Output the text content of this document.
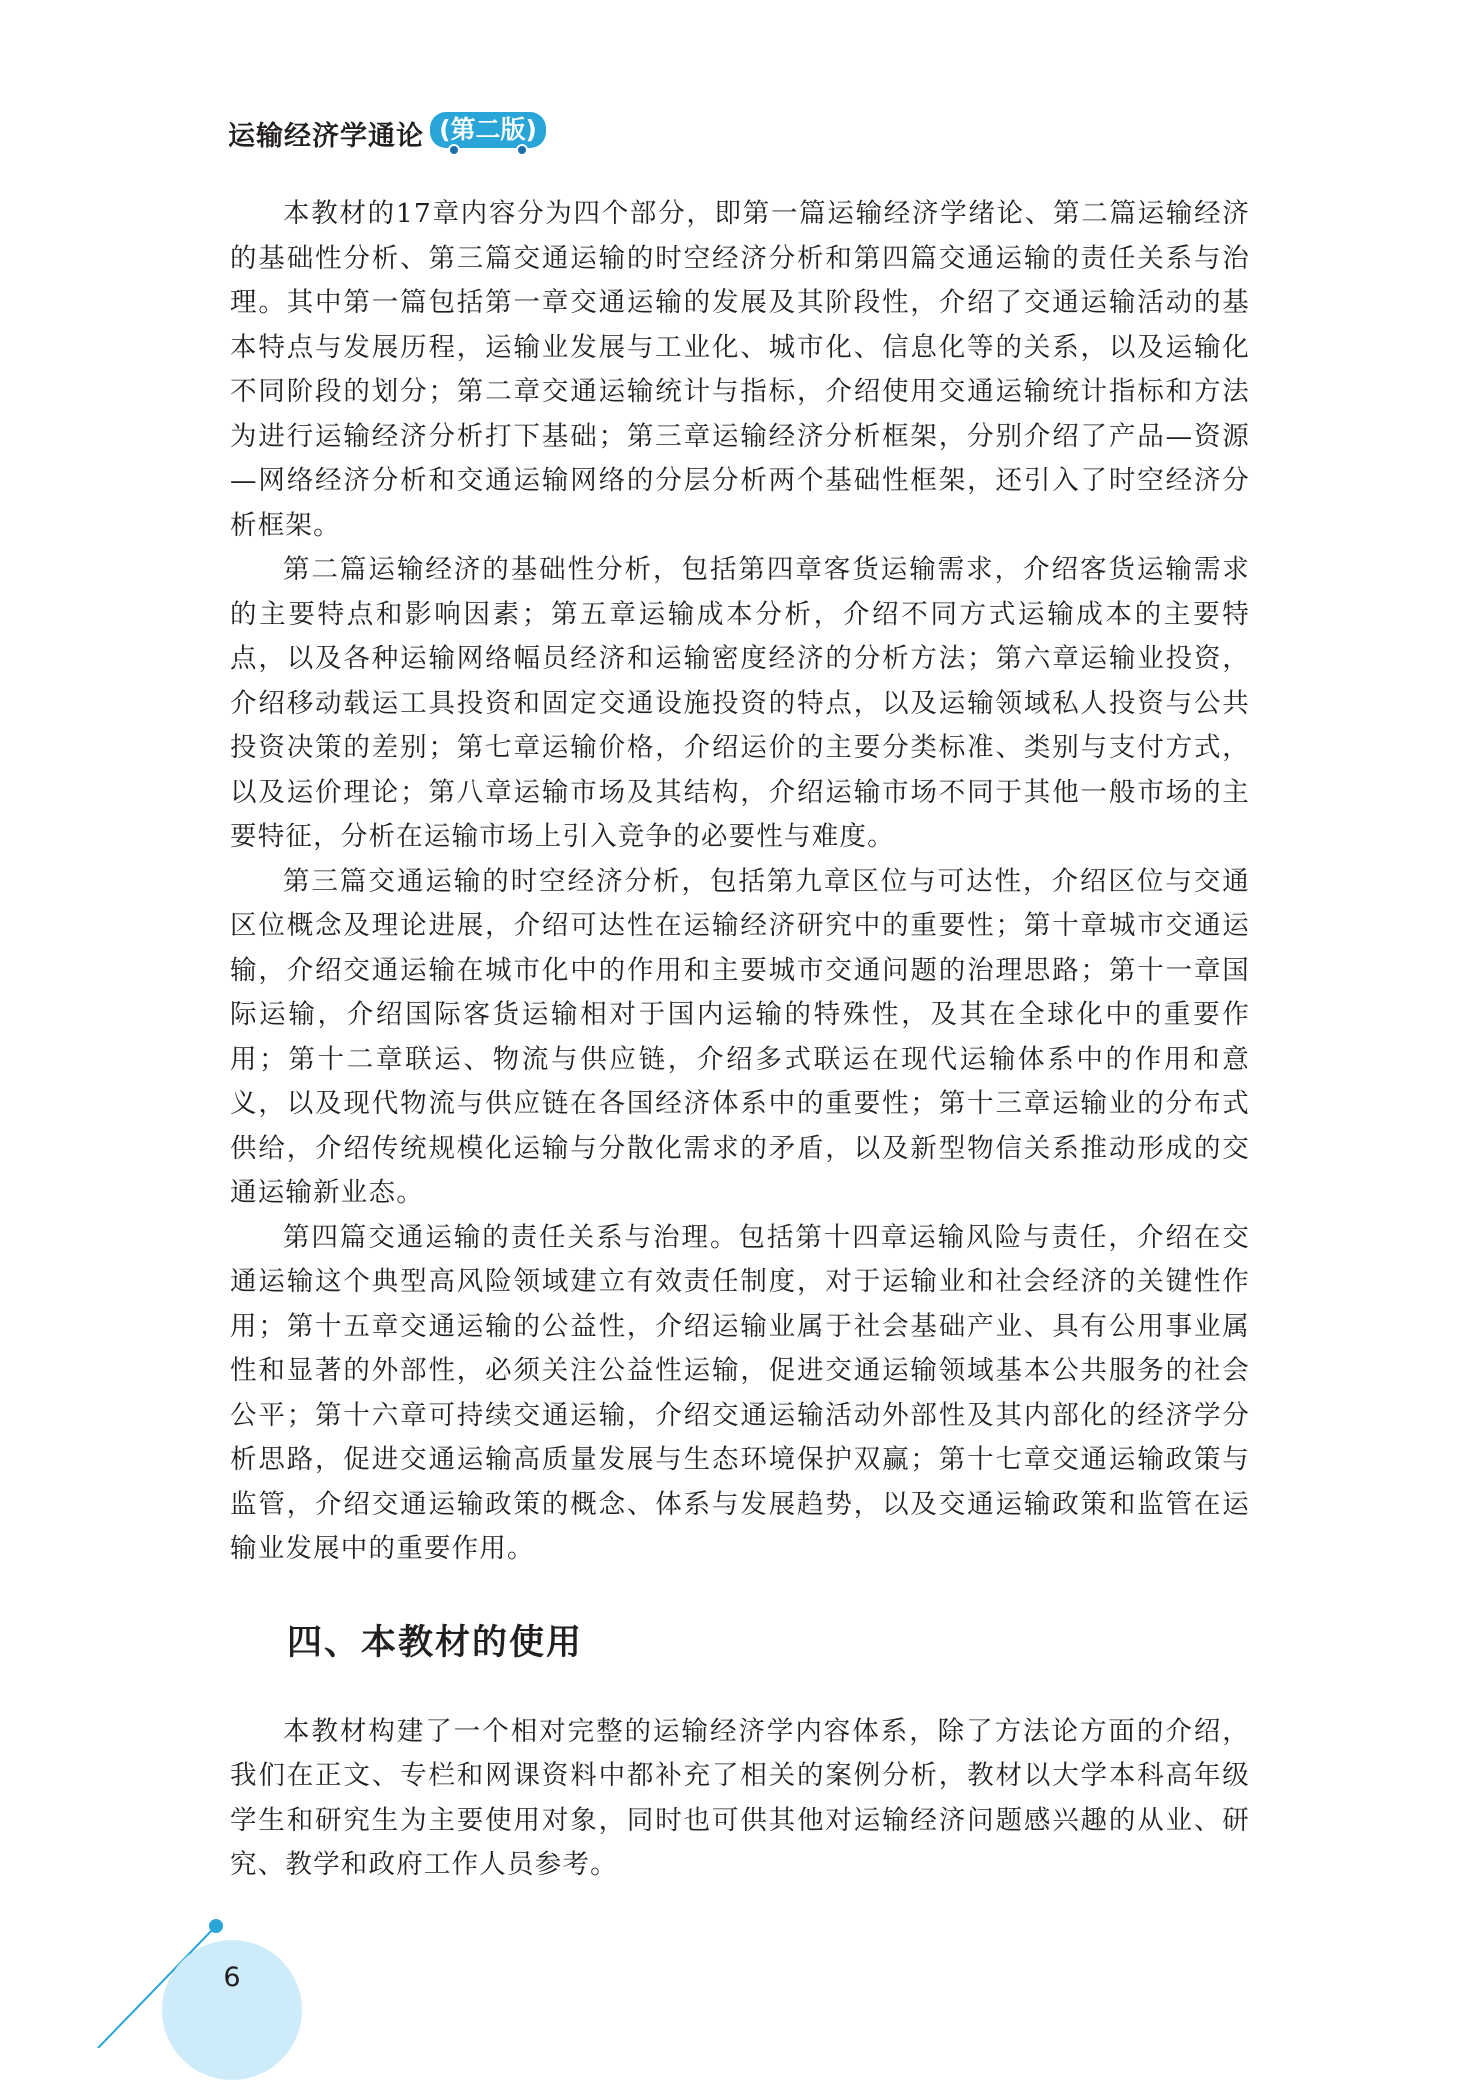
运输经济学通论 (第二版)

本教材的17章内容分为四个部分，即第一篇运输经济学绪论、第二篇运输经济的基础性分析、第三篇交通运输的时空经济分析和第四篇交通运输的责任关系与治理。其中第一篇包括第一章交通运输的发展及其阶段性，介绍了交通运输活动的基本特点与发展历程，运输业发展与工业化、城市化、信息化等的关系，以及运输化不同阶段的划分；第二章交通运输统计与指标，介绍使用交通运输统计指标和方法为进行运输经济分析打下基础；第三章运输经济分析框架，分别介绍了产品—资源—网络经济分析和交通运输网络的分层分析两个基础性框架，还引入了时空经济分析框架。

第二篇运输经济的基础性分析，包括第四章客货运输需求，介绍客货运输需求的主要特点和影响因素；第五章运输成本分析，介绍不同方式运输成本的主要特点，以及各种运输网络幅员经济和运输密度经济的分析方法；第六章运输业投资，介绍移动载运工具投资和固定交通设施投资的特点，以及运输领域私人投资与公共投资决策的差别；第七章运输价格，介绍运价的主要分类标准、类别与支付方式，以及运价理论；第八章运输市场及其结构，介绍运输市场不同于其他一般市场的主要特征，分析在运输市场上引入竞争的必要性与难度。

第三篇交通运输的时空经济分析，包括第九章区位与可达性，介绍区位与交通区位概念及理论进展，介绍可达性在运输经济研究中的重要性；第十章城市交通运输，介绍交通运输在城市化中的作用和主要城市交通问题的治理思路；第十一章国际运输，介绍国际客货运输相对于国内运输的特殊性，及其在全球化中的重要作用；第十二章联运、物流与供应链，介绍多式联运在现代运输体系中的作用和意义，以及现代物流与供应链在各国经济体系中的重要性；第十三章运输业的分布式供给，介绍传统规模化运输与分散化需求的矛盾，以及新型物信关系推动形成的交通运输新业态。

第四篇交通运输的责任关系与治理。包括第十四章运输风险与责任，介绍在交通运输这个典型高风险领域建立有效责任制度，对于运输业和社会经济的关键性作用；第十五章交通运输的公益性，介绍运输业属于社会基础产业、具有公用事业属性和显著的外部性，必须关注公益性运输，促进交通运输领域基本公共服务的社会公平；第十六章可持续交通运输，介绍交通运输活动外部性及其内部化的经济学分析思路，促进交通运输高质量发展与生态环境保护双赢；第十七章交通运输政策与监管，介绍交通运输政策的概念、体系与发展趋势，以及交通运输政策和监管在运输业发展中的重要作用。

四、本教材的使用

本教材构建了一个相对完整的运输经济学内容体系，除了方法论方面的介绍，我们在正文、专栏和网课资料中都补充了相关的案例分析，教材以大学本科高年级学生和研究生为主要使用对象，同时也可供其他对运输经济问题感兴趣的从业、研究、教学和政府工作人员参考。

6
